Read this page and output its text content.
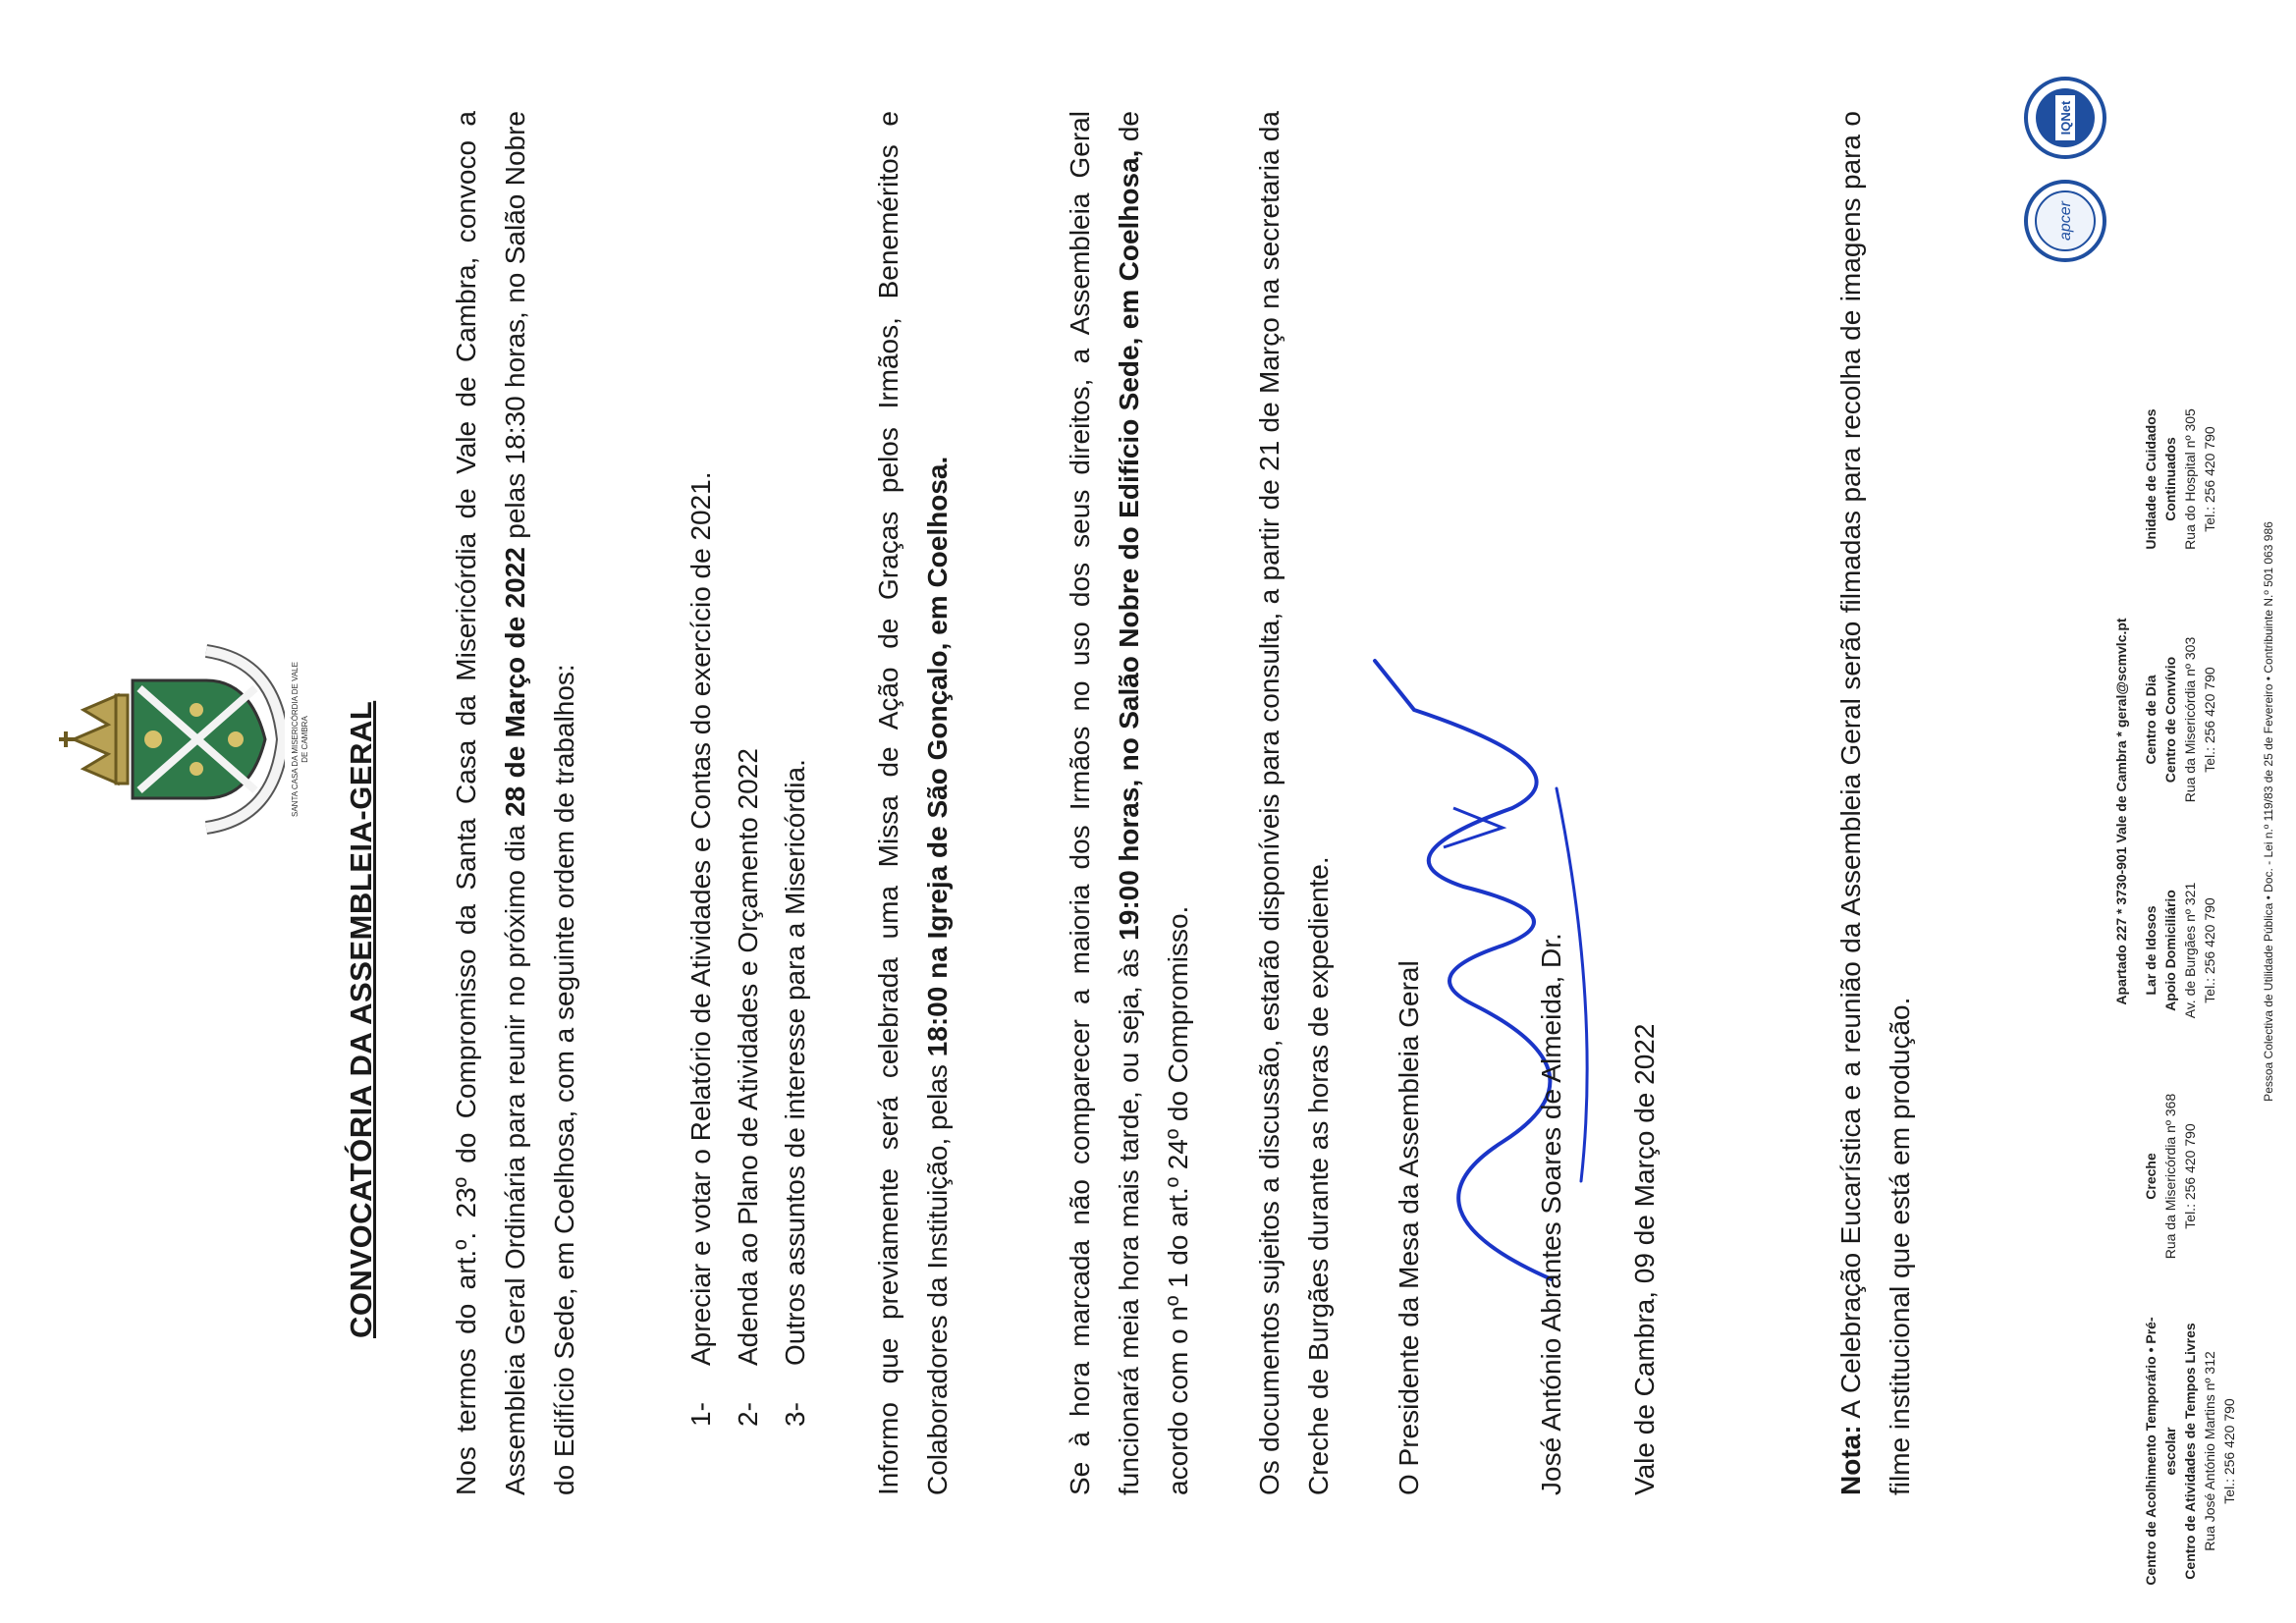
SANTA CASA DA MISERICÓRDIA DE VALE DE CAMBRA CONVOCATÓRIA DA ASSEMBLEIA-GERAL	Nos termos do art.º. 23º do Compromisso da Santa Casa da Misericórdia de Vale de Cambra, convoco a Assembleia Geral Ordinária para reunir no próximo dia 28 de Março de 2022 pelas 18:30 horas, no Salão Nobre do Edifício Sede, em Coelhosa, com a seguinte ordem de trabalhos:	1-
Apreciar e votar o Relatório de Atividades e Contas do exercício de 2021.
2-
Adenda ao Plano de Atividades e Orçamento 2022
3-
Outros assuntos de interesse para a Misericórdia.	Informo que previamente será celebrada uma Missa de Ação de Graças pelos Irmãos, Beneméritos e Colaboradores da Instituição, pelas 18:00 na Igreja de São Gonçalo, em Coelhosa.	Se à hora marcada não comparecer a maioria dos Irmãos no uso dos seus direitos, a Assembleia Geral funcionará meia hora mais tarde, ou seja, às 19:00 horas, no Salão Nobre do Edifício Sede, em Coelhosa, de acordo com o nº 1 do art.º 24º do Compromisso.	Os documentos sujeitos a discussão, estarão disponíveis para consulta, a partir de 21 de Março na secretaria da Creche de Burgães durante as horas de expediente.	O Presidente da Mesa da Assembleia Geral	José António Abrantes Soares de Almeida, Dr. Vale de Cambra, 09 de Março de 2022	Nota: A Celebração Eucarística e a reunião da Assembleia Geral serão filmadas para recolha de imagens para o filme institucional que está em produção.

apcer
IQNet
Apartado 227 * 3730-901 Vale de Cambra * geral@scmvlc.pt
Centro de Acolhimento Temporário • Pré-escolar Centro de Atividades de Tempos Livres Rua José António Martins nº 312 Tel.: 256 420 790
Creche Rua da Misericórdia nº 368 Tel.: 256 420 790
Lar de Idosos Apoio Domiciliário Av. de Burgães nº 321 Tel.: 256 420 790
Centro de Dia Centro de Convívio Rua da Misericórdia nº 303 Tel.: 256 420 790
Unidade de Cuidados Continuados Rua do Hospital nº 305 Tel.: 256 420 790
Pessoa Colectiva de Utilidade Pública • Doc. - Lei n.º 119/83 de 25 de Fevereiro • Contribuinte N.º 501 063 986
